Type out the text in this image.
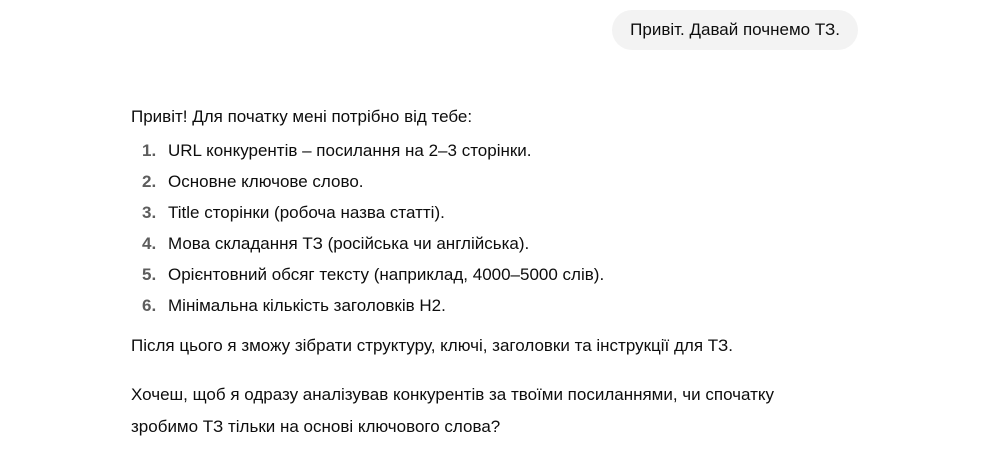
Привіт. Давай почнемо ТЗ.

Привіт! Для початку мені потрібно від тебе:

1. URL конкурентів – посилання на 2–3 сторінки.
2. Основне ключове слово.
3. Title сторінки (робоча назва статті).
4. Мова складання ТЗ (російська чи англійська).
5. Орієнтовний обсяг тексту (наприклад, 4000–5000 слів).
6. Мінімальна кількість заголовків H2.

Після цього я зможу зібрати структуру, ключі, заголовки та інструкції для ТЗ.

Хочеш, щоб я одразу аналізував конкурентів за твоїми посиланнями, чи спочатку
зробимо ТЗ тільки на основі ключового слова?
